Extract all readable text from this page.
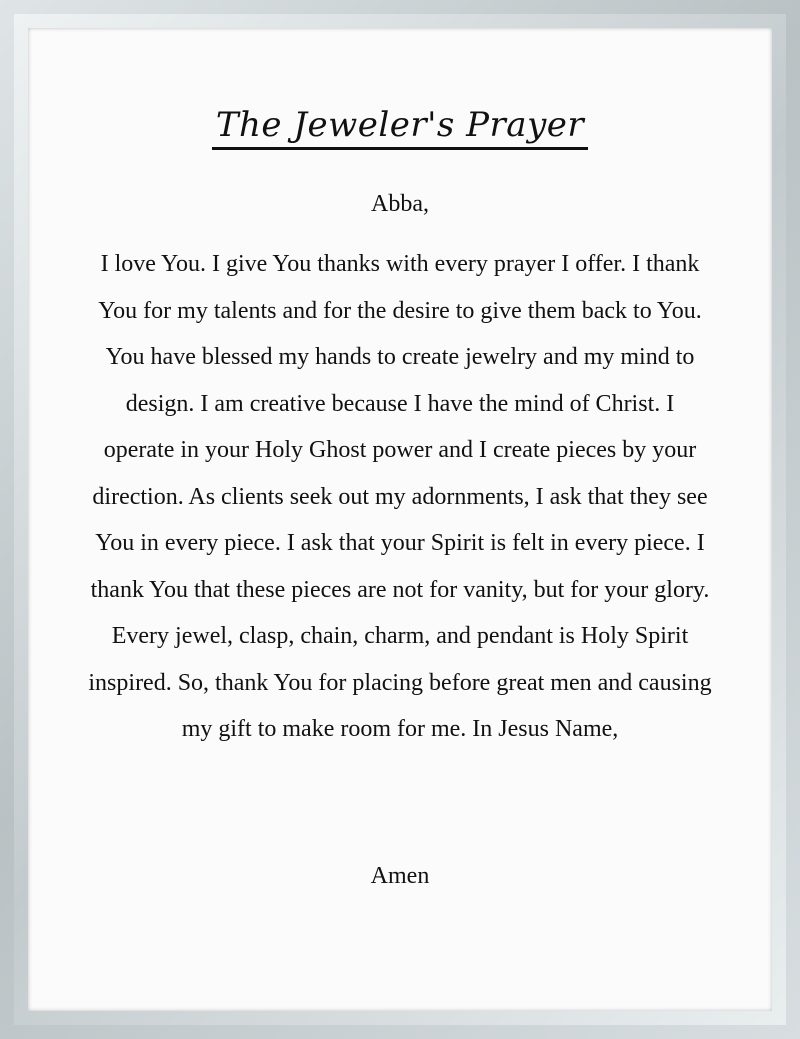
The Jeweler's Prayer
Abba,

I love You. I give You thanks with every prayer I offer. I thank You for my talents and for the desire to give them back to You. You have blessed my hands to create jewelry and my mind to design. I am creative because I have the mind of Christ. I operate in your Holy Ghost power and I create pieces by your direction. As clients seek out my adornments, I ask that they see You in every piece. I ask that your Spirit is felt in every piece. I thank You that these pieces are not for vanity, but for your glory. Every jewel, clasp, chain, charm, and pendant is Holy Spirit inspired. So, thank You for placing before great men and causing my gift to make room for me. In Jesus Name,

Amen
